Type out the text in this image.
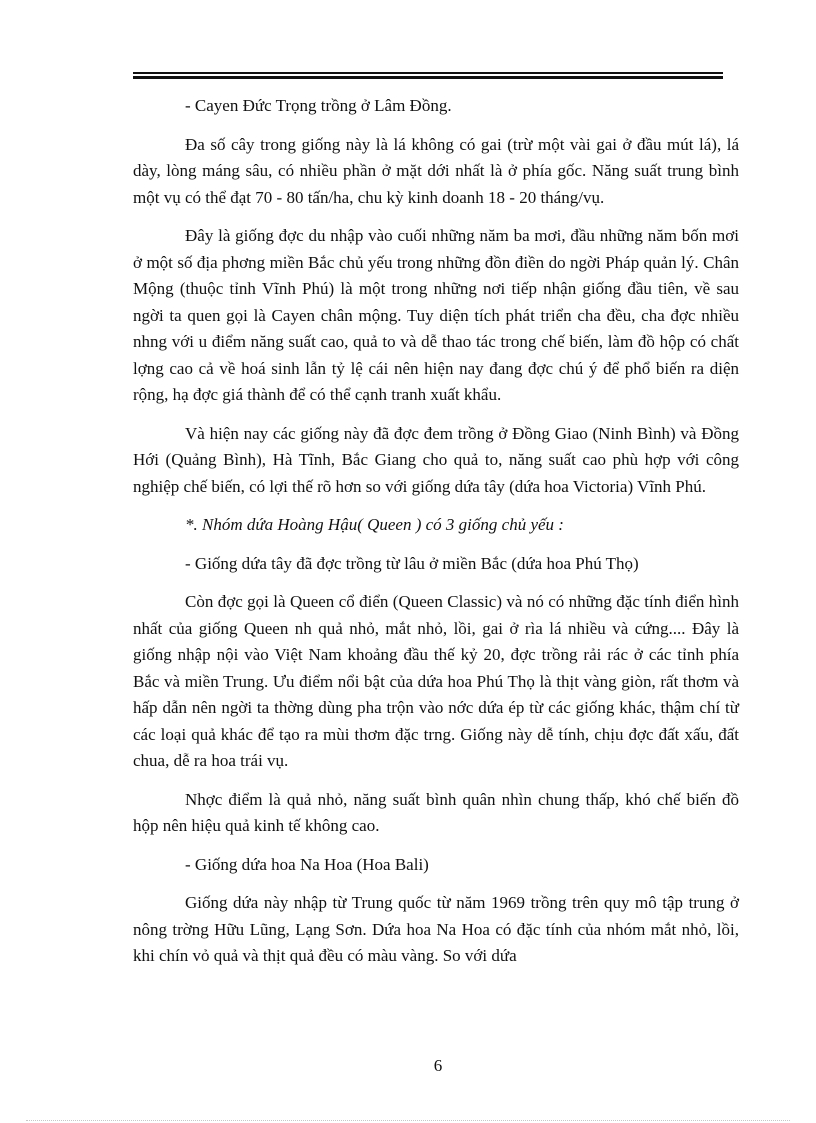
- Cayen Đức Trọng trồng ở Lâm Đồng.

Đa số cây trong giống này là lá không có gai (trừ một vài gai ở đầu mút lá), lá dày, lòng máng sâu, có nhiều phần ở mặt dới nhất là ở phía gốc. Năng suất trung bình một vụ có thể đạt 70 - 80 tấn/ha, chu kỳ kinh doanh 18 - 20 tháng/vụ.

Đây là giống đợc du nhập vào cuối những năm ba mơi, đầu những năm bốn mơi ở một số địa phơng miền Bắc chủ yếu trong những đồn điền do ngời Pháp quản lý. Chân Mộng (thuộc tỉnh Vĩnh Phú) là một trong những nơi tiếp nhận giống đầu tiên, về sau ngời ta quen gọi là Cayen chân mộng. Tuy diện tích phát triển cha đều, cha đợc nhiều nhng với u điểm năng suất cao, quả to và dễ thao tác trong chế biến, làm đồ hộp có chất lợng cao cả về hoá sinh lẫn tỷ lệ cái nên hiện nay đang đợc chú ý để phổ biến ra diện rộng, hạ đợc giá thành để có thể cạnh tranh xuất khẩu.

Và hiện nay các giống này đã đợc đem trồng ở Đồng Giao (Ninh Bình) và Đồng Hới (Quảng Bình), Hà Tĩnh, Bắc Giang cho quả to, năng suất cao phù hợp với công nghiệp chế biến, có lợi thế rõ hơn so với giống dứa tây (dứa hoa Victoria) Vĩnh Phú.

*. Nhóm dứa Hoàng Hậu( Queen ) có 3 giống chủ yếu :

- Giống dứa tây đã đợc trồng từ lâu ở miền Bắc (dứa hoa Phú Thọ)

Còn đợc gọi là Queen cổ điển (Queen Classic) và nó có những đặc tính điển hình nhất của giống Queen nh quả nhỏ, mắt nhỏ, lồi, gai ở rìa lá nhiều và cứng.... Đây là giống nhập nội vào Việt Nam khoảng đầu thế kỷ 20, đợc trồng rải rác ở các tỉnh phía Bắc và miền Trung. Ưu điểm nổi bật của dứa hoa Phú Thọ là thịt vàng giòn, rất thơm và hấp dẫn nên ngời ta thờng dùng pha trộn vào nớc dứa ép từ các giống khác, thậm chí từ các loại quả khác để tạo ra mùi thơm đặc trng. Giống này dễ tính, chịu đợc đất xấu, đất chua, dễ ra hoa trái vụ.

Nhợc điểm là quả nhỏ, năng suất bình quân nhìn chung thấp, khó chế biến đồ hộp nên hiệu quả kinh tế không cao.

- Giống dứa hoa Na Hoa (Hoa Bali)

Giống dứa này nhập từ Trung quốc từ năm 1969 trồng trên quy mô tập trung ở nông trờng Hữu Lũng, Lạng Sơn. Dứa hoa Na Hoa có đặc tính của nhóm mắt nhỏ, lồi, khi chín vỏ quả và thịt quả đều có màu vàng. So với dứa

6
